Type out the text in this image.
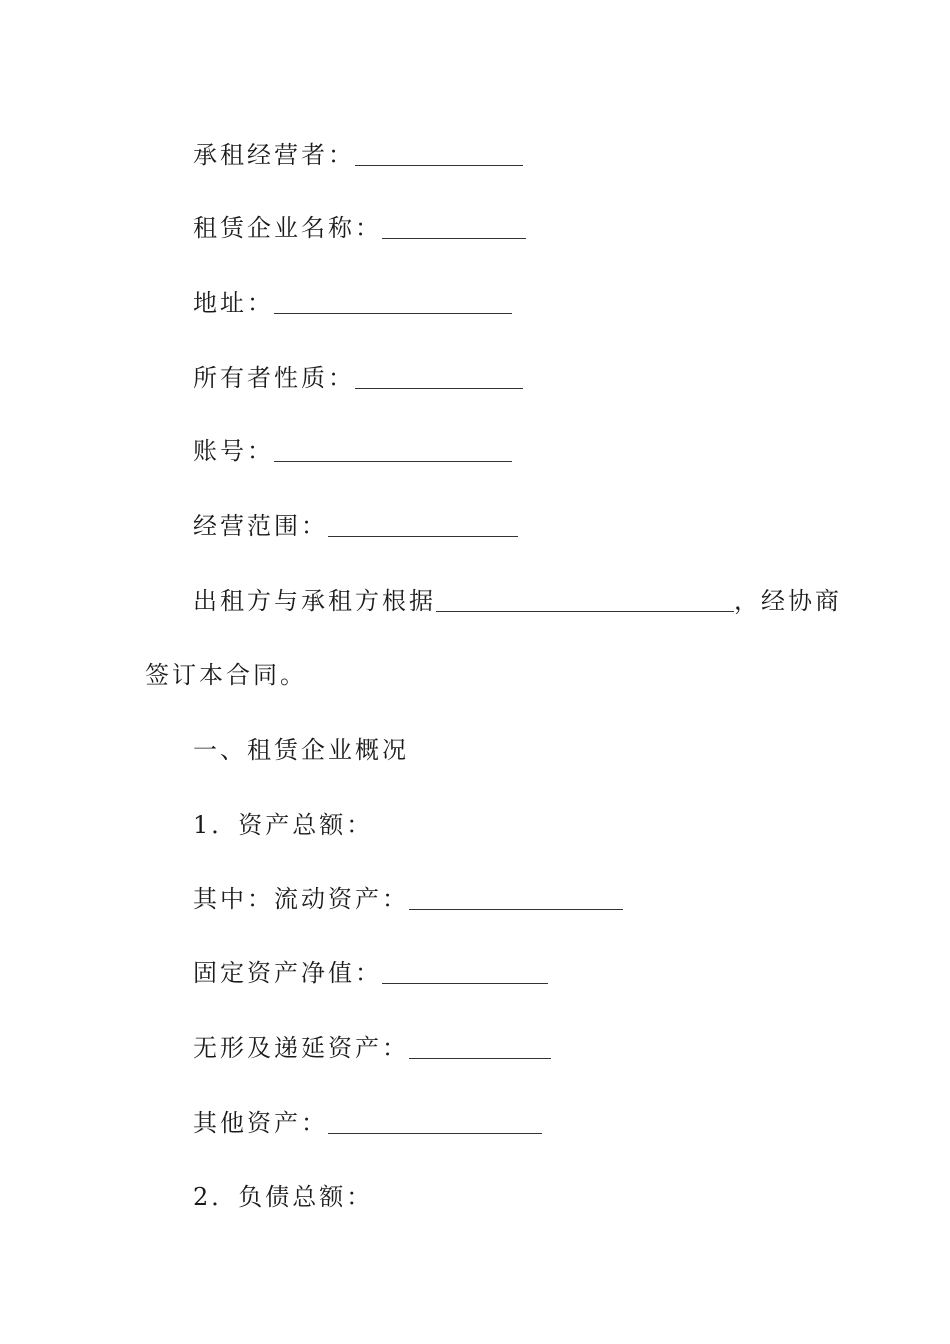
承租经营者：
租赁企业名称：
地址：
所有者性质：
账号：
经营范围：
出租方与承租方根据	，经协商
签订本合同。
一、租赁企业概况
1．资产总额：
其中：流动资产：
固定资产净值：
无形及递延资产：
其他资产：
2．负债总额：
